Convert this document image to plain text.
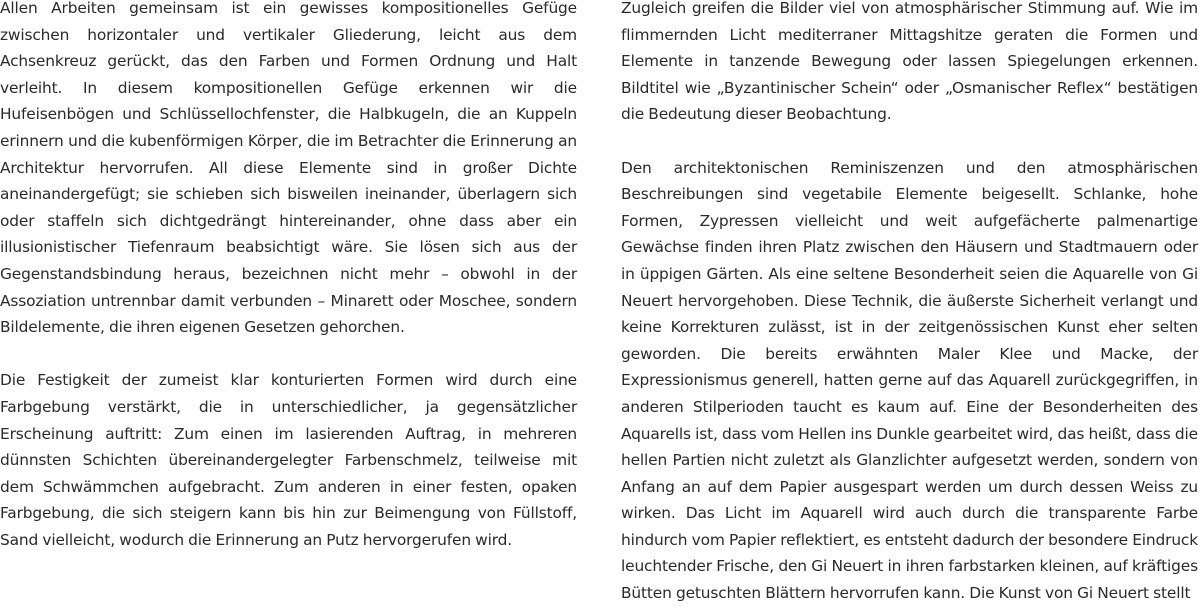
Allen Arbeiten gemeinsam ist ein gewisses kompositionelles Gefüge zwischen horizontaler und vertikaler Gliederung, leicht aus dem Achsenkreuz gerückt, das den Farben und Formen Ordnung und Halt verleiht. In diesem kompositionellen Gefüge erkennen wir die Hufeisenbögen und Schlüssellochfenster, die Halbkugeln, die an Kuppeln erinnern und die kubenförmigen Körper, die im Betrachter die Erinnerung an Architektur hervorrufen. All diese Elemente sind in großer Dichte aneinandergefügt; sie schieben sich bisweilen ineinander, überlagern sich oder staffeln sich dichtgedrängt hintereinander, ohne dass aber ein illusionistischer Tiefenraum beabsichtigt wäre. Sie lösen sich aus der Gegenstandsbindung heraus, bezeichnen nicht mehr – obwohl in der Assoziation untrennbar damit verbunden – Minarett oder Moschee, sondern Bildelemente, die ihren eigenen Gesetzen gehorchen.

Die Festigkeit der zumeist klar konturierten Formen wird durch eine Farbgebung verstärkt, die in unterschiedlicher, ja gegensätzlicher Erscheinung auftritt: Zum einen im lasierenden Auftrag, in mehreren dünnsten Schichten übereinandergelegter Farbenschmelz, teilweise mit dem Schwämmchen aufgebracht. Zum anderen in einer festen, opaken Farbgebung, die sich steigern kann bis hin zur Beimengung von Füllstoff, Sand vielleicht, wodurch die Erinnerung an Putz hervorgerufen wird.

Zugleich greifen die Bilder viel von atmosphärischer Stimmung auf. Wie im flimmernden Licht mediterraner Mittagshitze geraten die Formen und Elemente in tanzende Bewegung oder lassen Spiegelungen erkennen. Bildtitel wie „Byzantinischer Schein“ oder „Osmanischer Reflex“ bestätigen die Bedeutung dieser Beobachtung.

Den architektonischen Reminiszenzen und den atmosphärischen Beschreibungen sind vegetabile Elemente beigesellt. Schlanke, hohe Formen, Zypressen vielleicht und weit aufgefächerte palmenartige Gewächse finden ihren Platz zwischen den Häusern und Stadtmauern oder in üppigen Gärten. Als eine seltene Besonderheit seien die Aquarelle von Gi Neuert hervorgehoben. Diese Technik, die äußerste Sicherheit verlangt und keine Korrekturen zulässt, ist in der zeitgenössischen Kunst eher selten geworden. Die bereits erwähnten Maler Klee und Macke, der Expressionismus generell, hatten gerne auf das Aquarell zurückgegriffen, in anderen Stilperioden taucht es kaum auf. Eine der Besonderheiten des Aquarells ist, dass vom Hellen ins Dunkle gearbeitet wird, das heißt, dass die hellen Partien nicht zuletzt als Glanzlichter aufgesetzt werden, sondern von Anfang an auf dem Papier ausgespart werden um durch dessen Weiss zu wirken. Das Licht im Aquarell wird auch durch die transparente Farbe hindurch vom Papier reflektiert, es entsteht dadurch der besondere Eindruck leuchtender Frische, den Gi Neuert in ihren farbstarken kleinen, auf kräftiges Bütten getuschten Blättern hervorrufen kann. Die Kunst von Gi Neuert stellt
